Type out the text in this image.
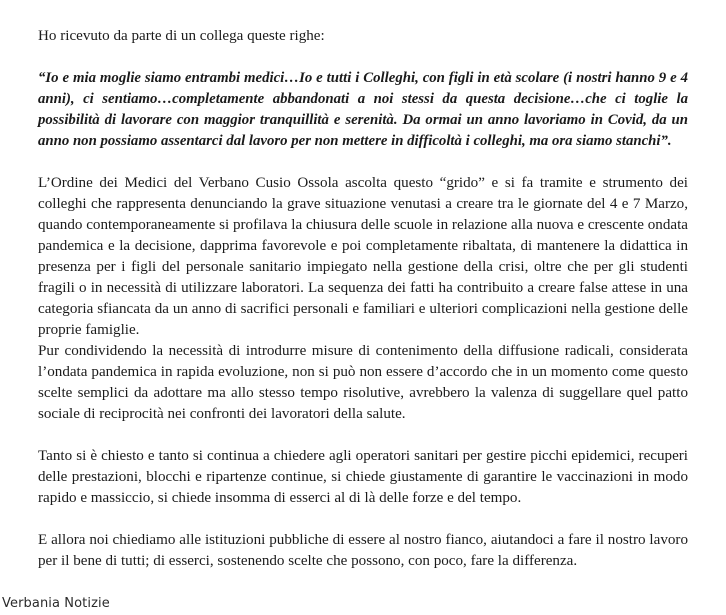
Ho ricevuto da parte di un collega queste righe:

“Io e mia moglie siamo entrambi medici…Io e tutti i Colleghi, con figli in età scolare (i nostri hanno 9 e 4 anni), ci sentiamo…completamente abbandonati a noi stessi da questa decisione…che ci toglie la possibilità di lavorare con maggior tranquillità e serenità. Da ormai un anno lavoriamo in Covid, da un anno non possiamo assentarci dal lavoro per non mettere in difficoltà i colleghi, ma ora siamo stanchi”.

L’Ordine dei Medici del Verbano Cusio Ossola ascolta questo “grido” e si fa tramite e strumento dei colleghi che rappresenta denunciando la grave situazione venutasi a creare tra le giornate del 4 e 7 Marzo, quando contemporaneamente si profilava la chiusura delle scuole in relazione alla nuova e crescente ondata pandemica e la decisione, dapprima favorevole e poi completamente ribaltata, di mantenere la didattica in presenza per i figli del personale sanitario impiegato nella gestione della crisi, oltre che per gli studenti fragili o in necessità di utilizzare laboratori. La sequenza dei fatti ha contribuito a creare false attese in una categoria sfiancata da un anno di sacrifici personali e familiari e ulteriori complicazioni nella gestione delle proprie famiglie.
Pur condividendo la necessità di introdurre misure di contenimento della diffusione radicali, considerata l’ondata pandemica in rapida evoluzione, non si può non essere d’accordo che in un momento come questo scelte semplici da adottare ma allo stesso tempo risolutive, avrebbero la valenza di suggellare quel patto sociale di reciprocità nei confronti dei lavoratori della salute.

Tanto si è chiesto e tanto si continua a chiedere agli operatori sanitari per gestire picchi epidemici, recuperi delle prestazioni, blocchi e ripartenze continue, si chiede giustamente di garantire le vaccinazioni in modo rapido e massiccio, si chiede insomma di esserci al di là delle forze e del tempo.

E allora noi chiediamo alle istituzioni pubbliche di essere al nostro fianco, aiutandoci a fare il nostro lavoro per il bene di tutti; di esserci, sostenendo scelte che possono, con poco, fare la differenza.

Verbania Notizie
